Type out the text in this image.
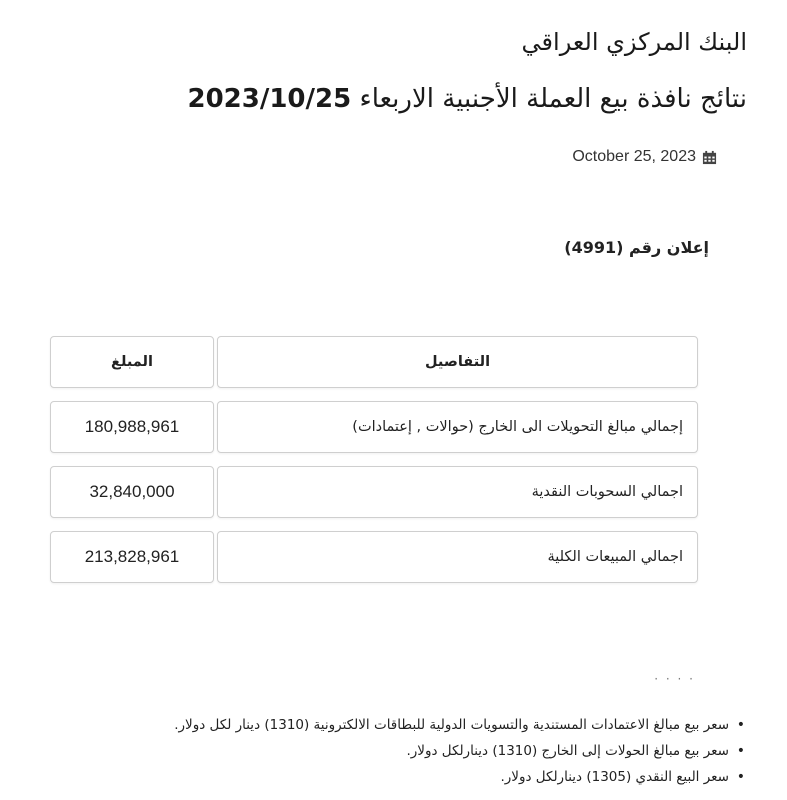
البنك المركزي العراقي
نتائج نافذة بيع العملة الأجنبية الاربعاء 2023/10/25
October 25, 2023
إعلان رقم (4991)
المبلغ	التفاصيل
180,988,961	إجمالي مبالغ التحويلات الى الخارج (حوالات , إعتمادات)
32,840,000	اجمالي السحوبات النقدية
213,828,961	اجمالي المبيعات الكلية
· · · ·
• سعر بيع مبالغ الاعتمادات المستندية والتسويات الدولية للبطاقات الالكترونية (1310) دينار لكل دولار.
• سعر بيع مبالغ الحولات إلى الخارج (1310) دينارلكل دولار.
• سعر البيع النقدي (1305) دينارلكل دولار.
